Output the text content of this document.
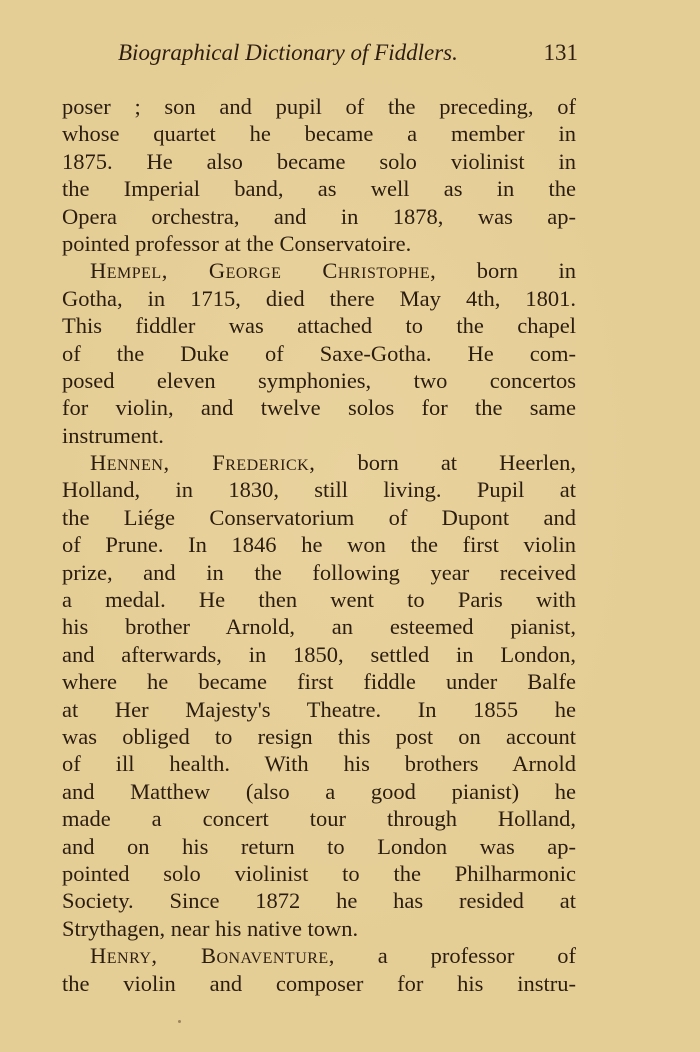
Biographical Dictionary of Fiddlers.	131
poser ; son and pupil of the preceding, of
whose quartet he became a member in
1875. He also became solo violinist in
the Imperial band, as well as in the
Opera orchestra, and in 1878, was ap-
pointed professor at the Conservatoire.
Hempel, George Christophe, born in
Gotha, in 1715, died there May 4th, 1801.
This fiddler was attached to the chapel
of the Duke of Saxe-Gotha. He com-
posed eleven symphonies, two concertos
for violin, and twelve solos for the same
instrument.
Hennen, Frederick, born at Heerlen,
Holland, in 1830, still living. Pupil at
the Liége Conservatorium of Dupont and
of Prune. In 1846 he won the first violin
prize, and in the following year received
a medal. He then went to Paris with
his brother Arnold, an esteemed pianist,
and afterwards, in 1850, settled in London,
where he became first fiddle under Balfe
at Her Majesty's Theatre. In 1855 he
was obliged to resign this post on account
of ill health. With his brothers Arnold
and Matthew (also a good pianist) he
made a concert tour through Holland,
and on his return to London was ap-
pointed solo violinist to the Philharmonic
Society. Since 1872 he has resided at
Strythagen, near his native town.
Henry, Bonaventure, a professor of
the violin and composer for his instru-
